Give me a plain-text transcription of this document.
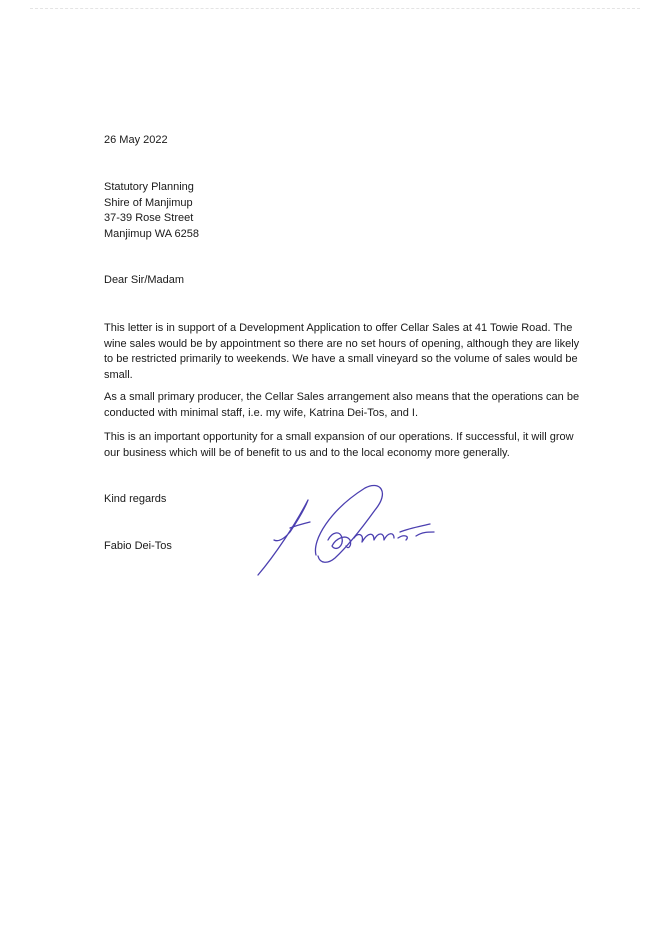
26 May 2022
Statutory Planning
Shire of Manjimup
37-39 Rose Street
Manjimup WA 6258
Dear Sir/Madam
This letter is in support of a Development Application to offer Cellar Sales at 41 Towie Road. The wine sales would be by appointment so there are no set hours of opening, although they are likely to be restricted primarily to weekends. We have a small vineyard so the volume of sales would be small.
As a small primary producer, the Cellar Sales arrangement also means that the operations can be conducted with minimal staff, i.e. my wife, Katrina Dei-Tos, and I.
This is an important opportunity for a small expansion of our operations. If successful, it will grow our business which will be of benefit to us and to the local economy more generally.
Kind regards
Fabio Dei-Tos
